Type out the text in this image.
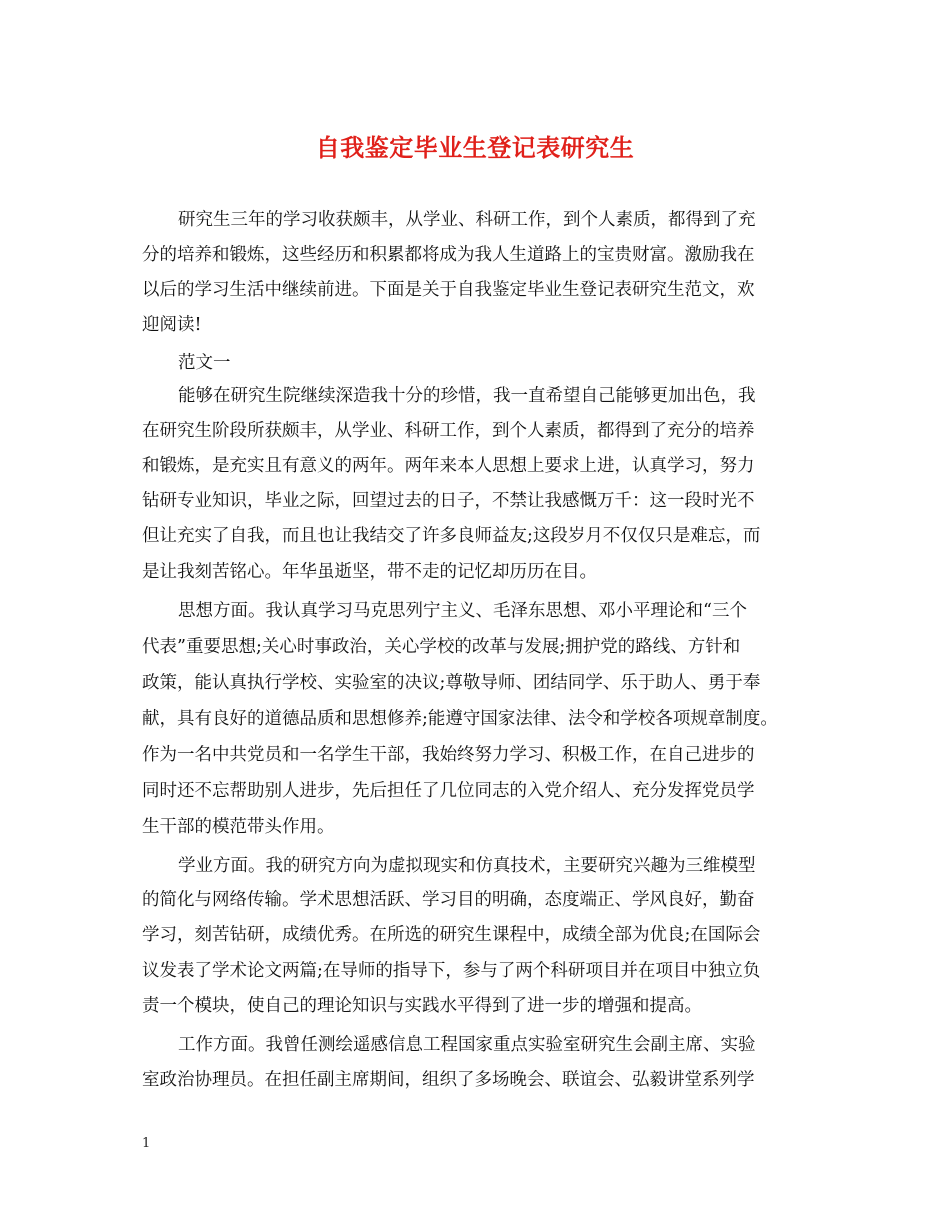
自我鉴定毕业生登记表研究生

研究生三年的学习收获颇丰，从学业、科研工作，到个人素质，都得到了充

分的培养和锻炼，这些经历和积累都将成为我人生道路上的宝贵财富。激励我在

以后的学习生活中继续前进。下面是关于自我鉴定毕业生登记表研究生范文，欢

迎阅读!

范文一

能够在研究生院继续深造我十分的珍惜，我一直希望自己能够更加出色，我

在研究生阶段所获颇丰，从学业、科研工作，到个人素质，都得到了充分的培养

和锻炼，是充实且有意义的两年。两年来本人思想上要求上进，认真学习，努力

钻研专业知识，毕业之际，回望过去的日子，不禁让我感慨万千：这一段时光不

但让充实了自我，而且也让我结交了许多良师益友;这段岁月不仅仅只是难忘，而

是让我刻苦铭心。年华虽逝坚，带不走的记忆却历历在目。

思想方面。我认真学习马克思列宁主义、毛泽东思想、邓小平理论和“三个

代表”重要思想;关心时事政治，关心学校的改革与发展;拥护党的路线、方针和

政策，能认真执行学校、实验室的决议;尊敬导师、团结同学、乐于助人、勇于奉

献，具有良好的道德品质和思想修养;能遵守国家法律、法令和学校各项规章制度。

作为一名中共党员和一名学生干部，我始终努力学习、积极工作，在自己进步的

同时还不忘帮助别人进步，先后担任了几位同志的入党介绍人、充分发挥党员学

生干部的模范带头作用。

学业方面。我的研究方向为虚拟现实和仿真技术，主要研究兴趣为三维模型

的简化与网络传输。学术思想活跃、学习目的明确，态度端正、学风良好，勤奋

学习，刻苦钻研，成绩优秀。在所选的研究生课程中，成绩全部为优良;在国际会

议发表了学术论文两篇;在导师的指导下，参与了两个科研项目并在项目中独立负

责一个模块，使自己的理论知识与实践水平得到了进一步的增强和提高。

工作方面。我曾任测绘遥感信息工程国家重点实验室研究生会副主席、实验

室政治协理员。在担任副主席期间，组织了多场晚会、联谊会、弘毅讲堂系列学

1
